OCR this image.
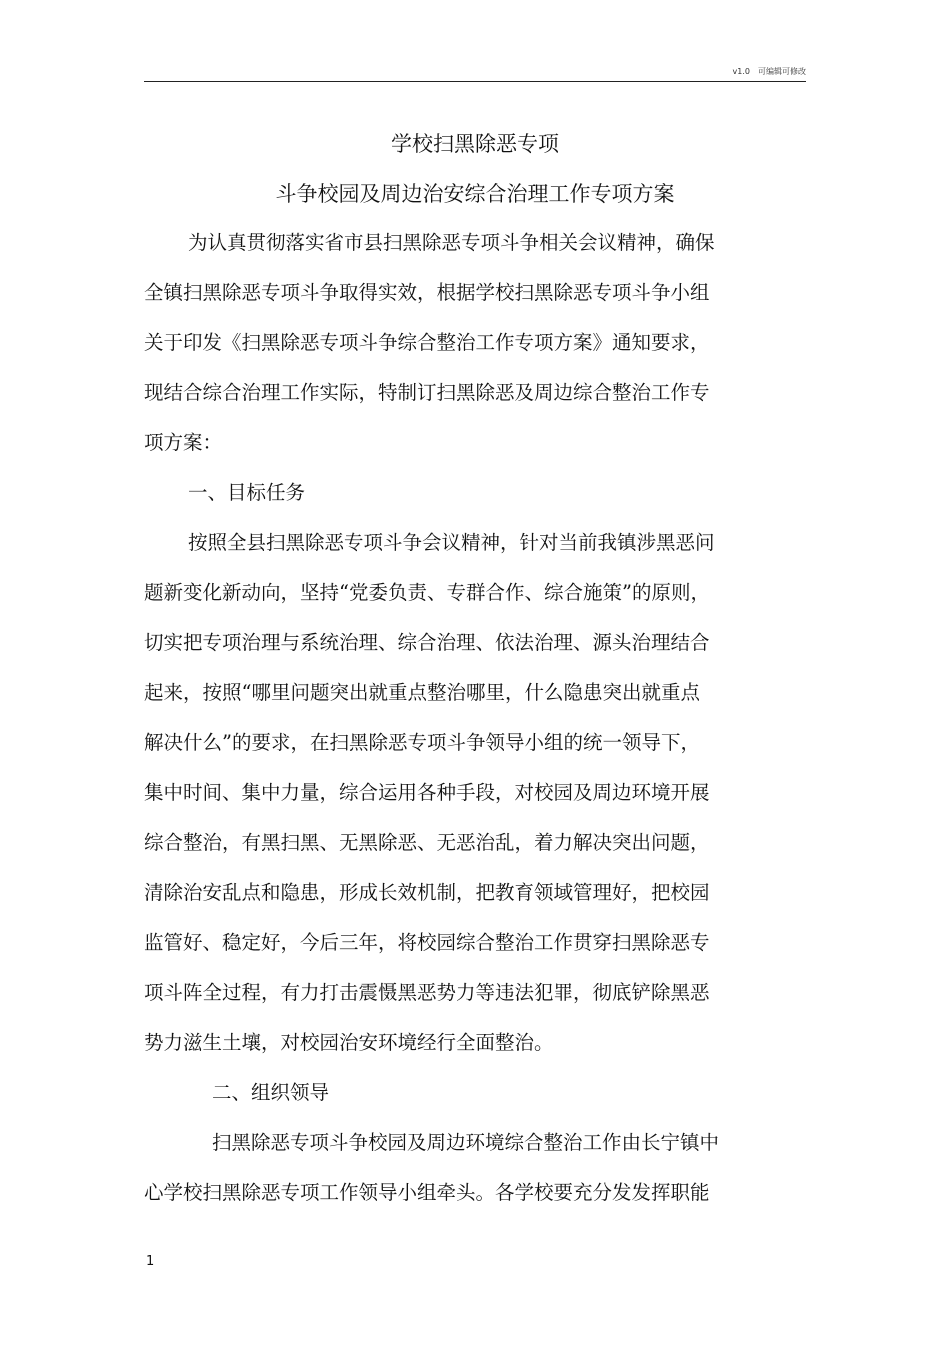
v1.0　可编辑可修改
学校扫黑除恶专项
斗争校园及周边治安综合治理工作专项方案
为认真贯彻落实省市县扫黑除恶专项斗争相关会议精神，确保
全镇扫黑除恶专项斗争取得实效，根据学校扫黑除恶专项斗争小组
关于印发《扫黑除恶专项斗争综合整治工作专项方案》通知要求，
现结合综合治理工作实际，特制订扫黑除恶及周边综合整治工作专
项方案：
一、目标任务
按照全县扫黑除恶专项斗争会议精神，针对当前我镇涉黑恶问
题新变化新动向，坚持“党委负责、专群合作、综合施策”的原则，
切实把专项治理与系统治理、综合治理、依法治理、源头治理结合
起来，按照“哪里问题突出就重点整治哪里，什么隐患突出就重点
解决什么”的要求，在扫黑除恶专项斗争领导小组的统一领导下，
集中时间、集中力量，综合运用各种手段，对校园及周边环境开展
综合整治，有黑扫黑、无黑除恶、无恶治乱，着力解决突出问题，
清除治安乱点和隐患，形成长效机制，把教育领域管理好，把校园
监管好、稳定好，今后三年，将校园综合整治工作贯穿扫黑除恶专
项斗阵全过程，有力打击震慑黑恶势力等违法犯罪，彻底铲除黑恶
势力滋生土壤，对校园治安环境经行全面整治。
二、组织领导
扫黑除恶专项斗争校园及周边环境综合整治工作由长宁镇中
心学校扫黑除恶专项工作领导小组牵头。各学校要充分发发挥职能
1
